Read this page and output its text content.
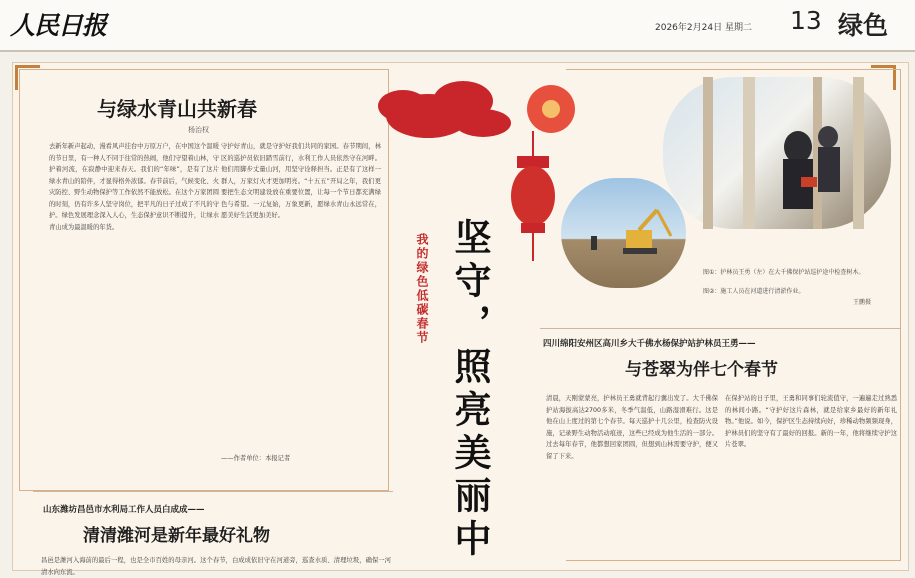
人民日报	2026年2月24日 星期二 13 绿色
与绿水青山共新春
杨治权
去新年新声起动，漫看风声挂台中万原万户，在中国这个温暖的节日里，有一种人不同于往常的热闹，他们守望着山林，守护着河流，在寂静中迎来春天。我们的“年味”，是有了这片绿水青山的陪伴，才显得格外浓郁。春节前后，气候变化、火灾防控、野生动物保护等工作依然不能放松。在这个万家团圆的时刻，仍有许多人坚守岗位，把平凡的日子过成了不凡的守护。绿色发展理念深入人心，生态保护意识不断提升，让绿水青山成为最温暖的年货。
守护好青山，就是守护好我们共同的家园。春节期间，林区的巡护员依旧踏雪前行，水利工作人员依然守在河畔。他们用脚步丈量山河，用坚守诠释担当。正是有了这样一群人，万家灯火才更加明亮。“十五五”开局之年，我们更要把生态文明建设放在重要位置，让每一个节日都充满绿色与希望。一元复始，万象更新，愿绿水青山永远常在，愿美好生活更加美好。
——作者单位：本报记者
山东潍坊昌邑市水利局工作人员白成成——
清清潍河是新年最好礼物
昌邑是潍河入海前的最后一程，也是全市百姓的母亲河。这个春节，白成成依旧守在河道旁，巡查水质、清理垃圾，确保一河清水向东流。
我的绿色低碳春节 坚守，照亮美丽中	图①：护林员王勇（左）在大千佛保护站巡护途中检查树木。
图②：施工人员在河道进行清淤作业。
王鹏摄
四川绵阳安州区高川乡大千佛水杨保护站护林员王勇——
与苍翠为伴七个春节
清晨，天刚蒙蒙亮，护林员王勇就背起行囊出发了。大千佛保护站海拔高达2700多米，冬季气温低，山路湿滑难行。这是他在山上度过的第七个春节。每天巡护十几公里，检查防火设施，记录野生动物活动痕迹，这些已经成为他生活的一部分。过去每年春节，他都想回家团圆，但想到山林需要守护，便又留了下来。
在保护站的日子里，王勇和同事们轮流值守，一遍遍走过熟悉的林间小路。“守护好这片森林，就是给家乡最好的新年礼物。”他说。如今，保护区生态持续向好，珍稀动物频频现身，护林员们的坚守有了最好的回报。新的一年，他将继续守护这片苍翠。
